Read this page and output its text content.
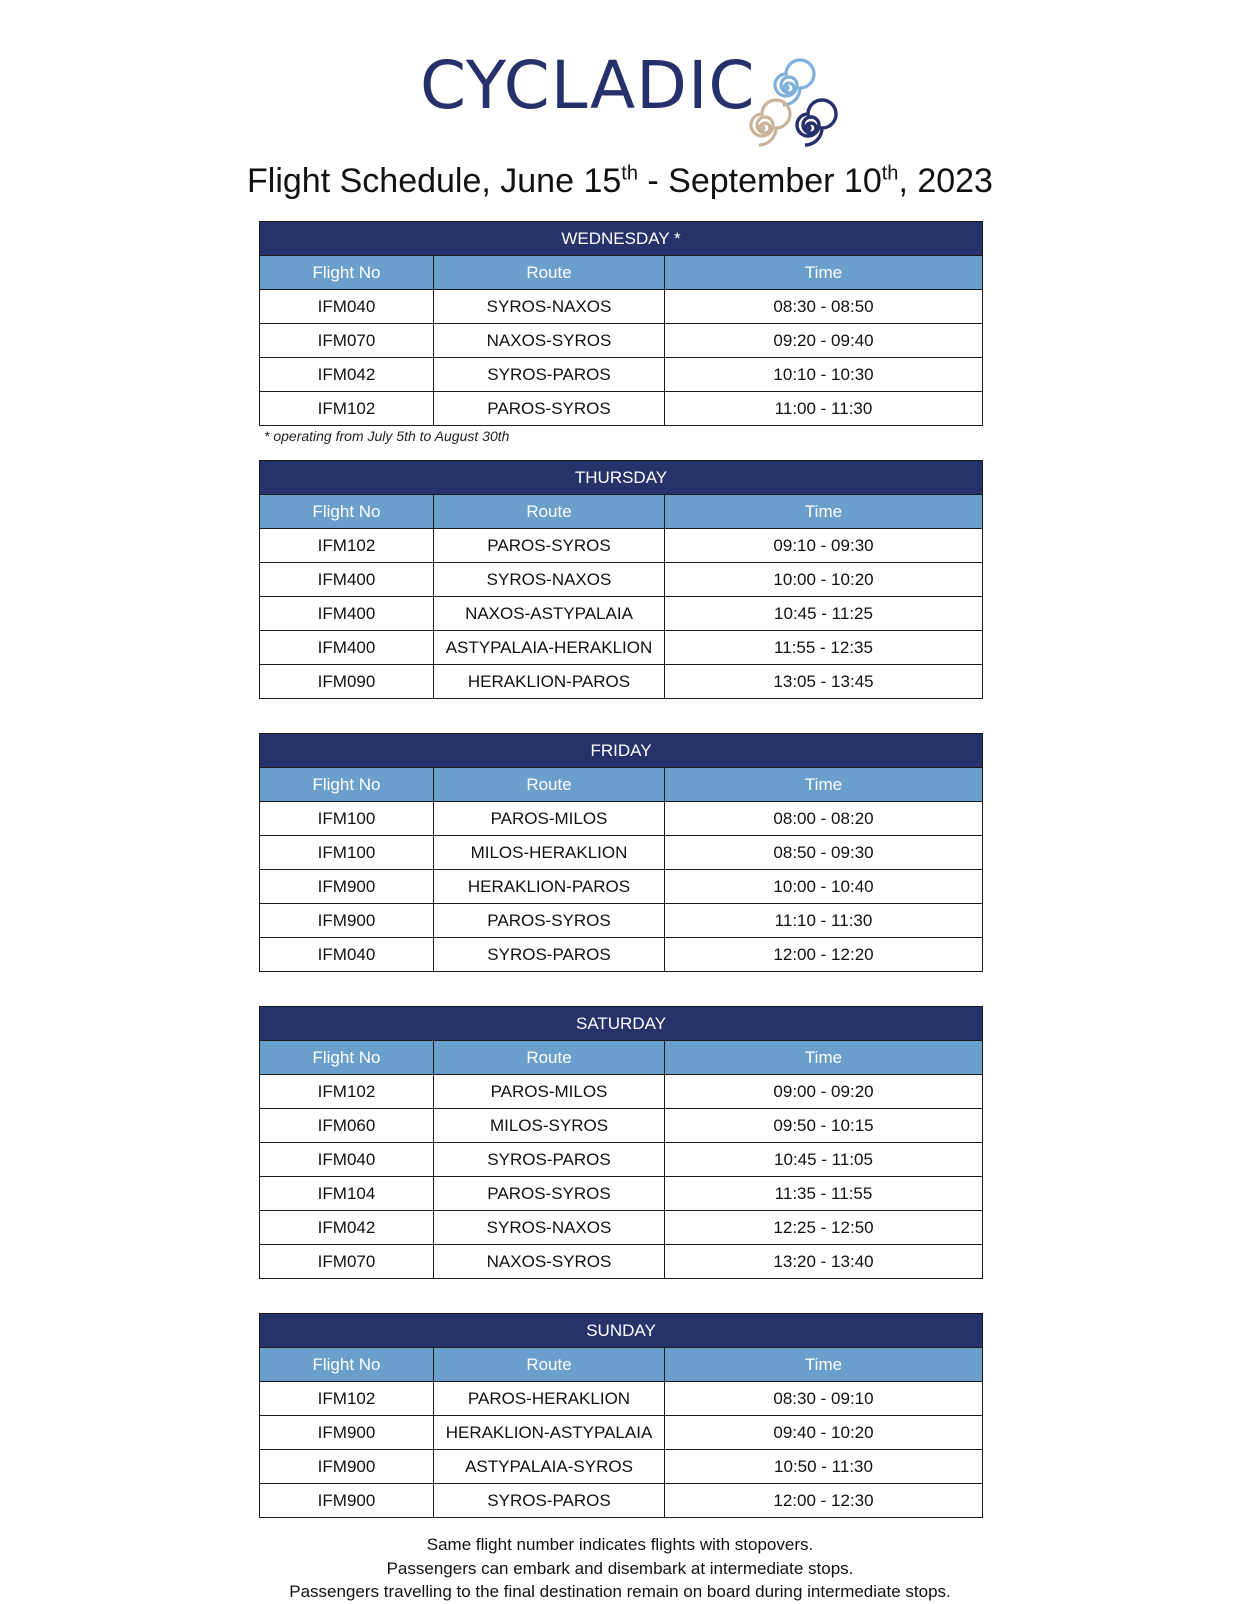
CYCLADIC
Flight Schedule, June 15th - September 10th, 2023
WEDNESDAY *		
Flight No	Route	Time
IFM040	SYROS-NAXOS	08:30 - 08:50
IFM070	NAXOS-SYROS	09:20 - 09:40
IFM042	SYROS-PAROS	10:10 - 10:30
IFM102	PAROS-SYROS	11:00 - 11:30
* operating from July 5th to August 30th
THURSDAY		
Flight No	Route	Time
IFM102	PAROS-SYROS	09:10 - 09:30
IFM400	SYROS-NAXOS	10:00 - 10:20
IFM400	NAXOS-ASTYPALAIA	10:45 - 11:25
IFM400	ASTYPALAIA-HERAKLION	11:55 - 12:35
IFM090	HERAKLION-PAROS	13:05 - 13:45
FRIDAY		
Flight No	Route	Time
IFM100	PAROS-MILOS	08:00 - 08:20
IFM100	MILOS-HERAKLION	08:50 - 09:30
IFM900	HERAKLION-PAROS	10:00 - 10:40
IFM900	PAROS-SYROS	11:10 - 11:30
IFM040	SYROS-PAROS	12:00 - 12:20
SATURDAY		
Flight No	Route	Time
IFM102	PAROS-MILOS	09:00 - 09:20
IFM060	MILOS-SYROS	09:50 - 10:15
IFM040	SYROS-PAROS	10:45 - 11:05
IFM104	PAROS-SYROS	11:35 - 11:55
IFM042	SYROS-NAXOS	12:25 - 12:50
IFM070	NAXOS-SYROS	13:20 - 13:40
SUNDAY		
Flight No	Route	Time
IFM102	PAROS-HERAKLION	08:30 - 09:10
IFM900	HERAKLION-ASTYPALAIA	09:40 - 10:20
IFM900	ASTYPALAIA-SYROS	10:50 - 11:30
IFM900	SYROS-PAROS	12:00 - 12:30
Same flight number indicates flights with stopovers.
Passengers can embark and disembark at intermediate stops.
Passengers travelling to the final destination remain on board during intermediate stops.
